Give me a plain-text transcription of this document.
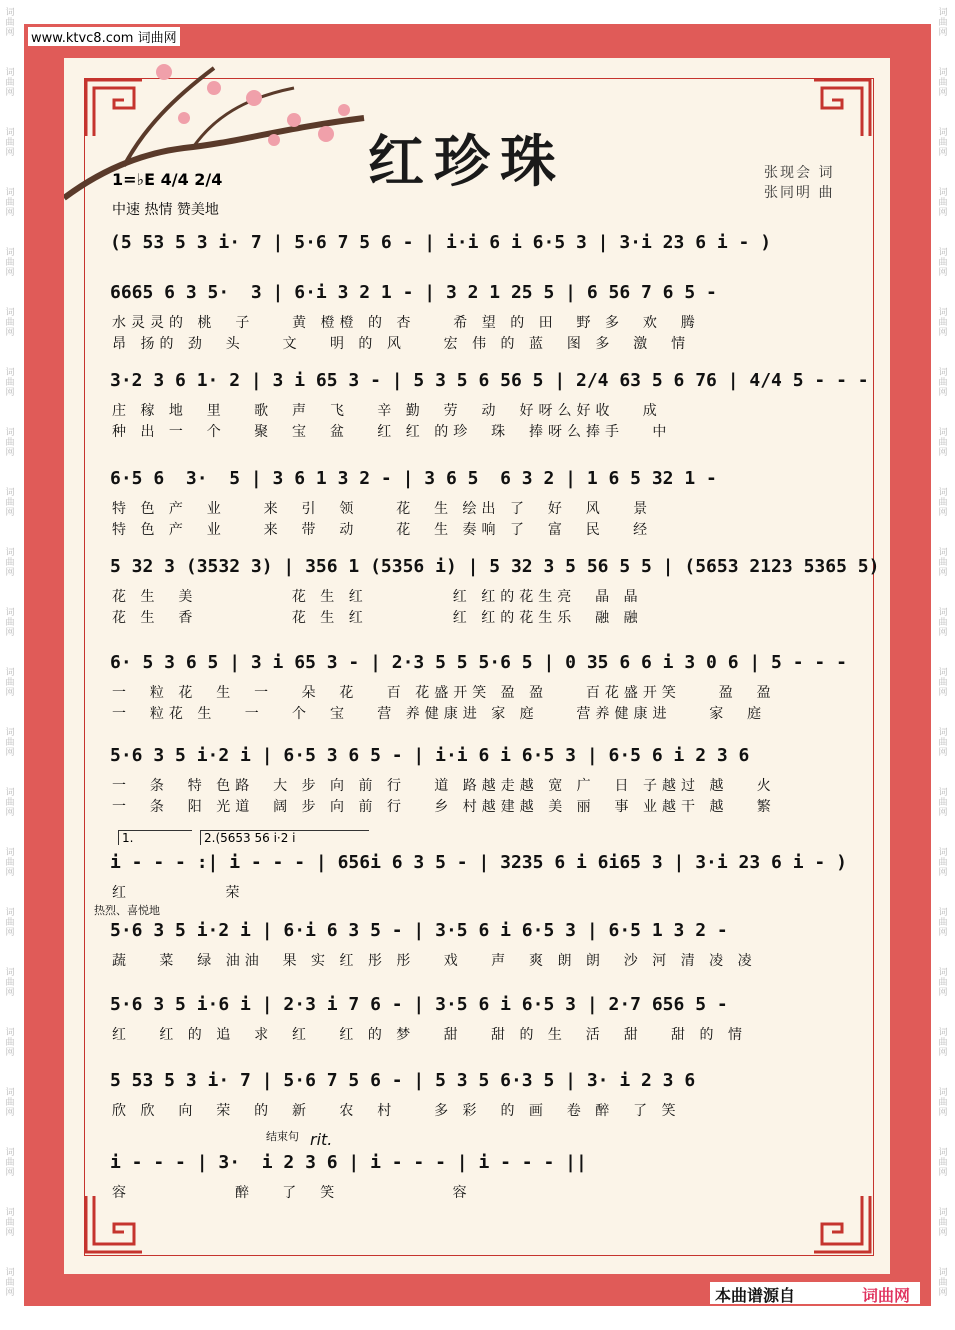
词曲网
词曲网
词曲网
词曲网
词曲网
词曲网
词曲网
词曲网
词曲网
词曲网
词曲网
词曲网
词曲网
词曲网
词曲网
词曲网
词曲网
词曲网
词曲网
词曲网
词曲网
词曲网
词曲网
词曲网
词曲网
词曲网
词曲网
词曲网
词曲网
词曲网
词曲网
词曲网
词曲网
词曲网
词曲网
词曲网
词曲网
词曲网
词曲网
词曲网
词曲网
词曲网
词曲网
词曲网
www.ktvc8.com 词曲网
红珍珠	张现会 词
张同明 曲
1=♭E 4/4 2/4
中速 热情 赞美地
(5 53 5 3 i· 7 | 5·6 7 5 6 - | i·i 6 i 6·5 3 | 3·i 23 6 i - )
6665 6 3 5·  3 | 6·i 3 2 1 - | 3 2 1 25 5 | 6 56 7 6 5 -
水灵灵的 桃  子    黄 橙橙 的 杏    希 望 的 田  野 多  欢  腾
昂 扬的 劲  头    文   明 的 风    宏 伟 的 蓝  图 多  激  情
3·2 3 6 1· 2 | 3 i 65 3 - | 5 3 5 6 56 5 | 2/4 63 5 6 76 | 4/4 5 - - -
庄 稼 地  里   歌  声  飞   辛 勤  劳  动  好呀么好收   成
种 出 一  个   聚  宝  盆   红 红 的珍  珠  捧呀么捧手   中
6·5 6  3·  5 | 3 6 1 3 2 - | 3 6 5  6 3 2 | 1 6 5 32 1 -
特 色 产  业    来  引  领    花  生 绘出 了  好  风   景
特 色 产  业    来  带  动    花  生 奏响 了  富  民   经
5 32 3 (3532 3) | 356 1 (5356 i) | 5 32 3 5 56 5 5 | (5653 2123 5365 5)
花 生  美          花 生 红         红 红的花生亮  晶 晶
花 生  香          花 生 红         红 红的花生乐  融 融
6· 5 3 6 5 | 3 i 65 3 - | 2·3 5 5 5·6 5 | 0 35 6 6 i 3 0 6 | 5 - - -
一  粒 花  生  一   朵  花   百 花盛开笑 盈 盈    百花盛开笑    盈  盈
一  粒花 生   一   个  宝   营 养健康进 家 庭    营养健康进    家  庭
5·6 3 5 i·2 i | 6·5 3 6 5 - | i·i 6 i 6·5 3 | 6·5 6 i 2 3 6
一  条  特 色路  大 步 向 前 行   道 路越走越 宽 广  日 子越过 越   火
一  条  阳 光道  阔 步 向 前 行   乡 村越建越 美 丽  事 业越干 越   繁
i - - - :| i - - - | 656i 6 3 5 - | 3235 6 i 6i65 3 | 3·i 23 6 i - )
红          荣
1.	2.(5653 56 i·2 i
热烈、喜悦地
5·6 3 5 i·2 i | 6·i 6 3 5 - | 3·5 6 i 6·5 3 | 6·5 1 3 2 -
蔬   菜  绿 油油  果 实 红 彤 彤   戏   声  爽 朗 朗  沙 河 清 凌 凌
5·6 3 5 i·6 i | 2·3 i 7 6 - | 3·5 6 i 6·5 3 | 2·7 656 5 -
红   红 的 追  求  红   红 的 梦   甜   甜 的 生  活  甜   甜 的 情
5 53 5 3 i· 7 | 5·6 7 5 6 - | 5 3 5 6·3 5 | 3· i 2 3 6
欣 欣  向  荣  的  新   农  村    多 彩  的 画  卷 醉  了 笑
i - - - | 3·  i 2 3 6 | i - - - | i - - - ||
容           醉   了  笑            容
结束句 rit.
本曲谱源自	词曲网
